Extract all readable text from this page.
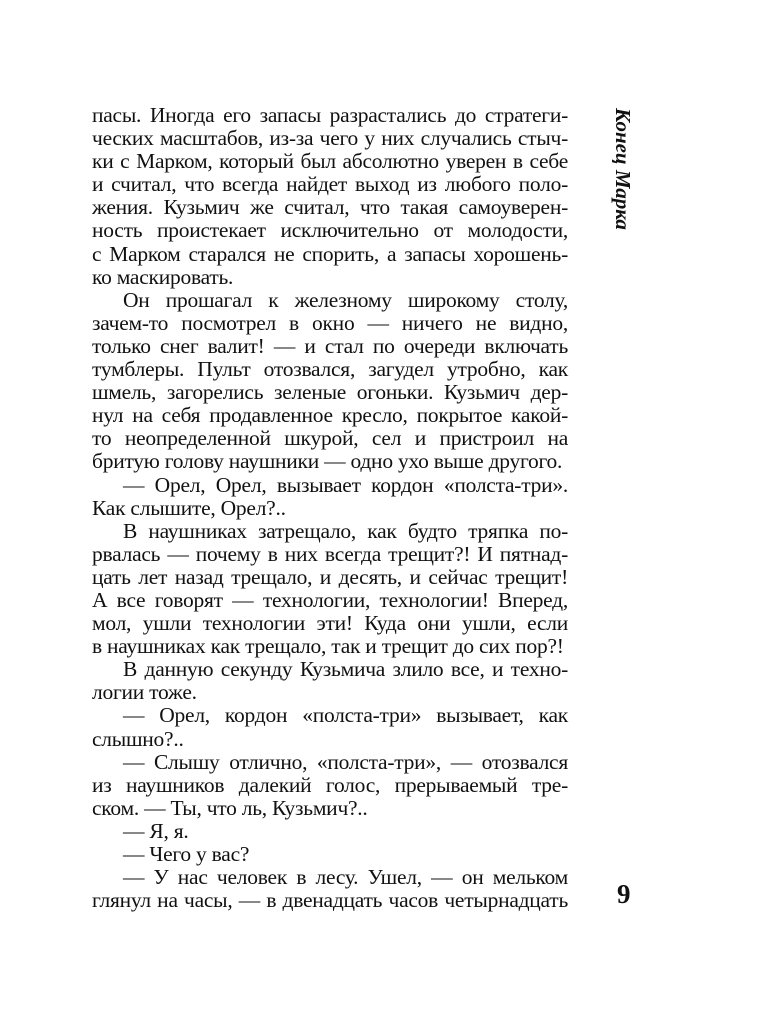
пасы. Иногда его запасы разрастались до стратеги-
ческих масштабов, из-за чего у них случались стыч-
ки с Марком, который был абсолютно уверен в себе
и считал, что всегда найдет выход из любого поло-
жения. Кузьмич же считал, что такая самоуверен-
ность проистекает исключительно от молодости,
с Марком старался не спорить, а запасы хорошень-
ко маскировать.
Он прошагал к железному широкому столу,
зачем-то посмотрел в окно — ничего не видно,
только снег валит! — и стал по очереди включать
тумблеры. Пульт отозвался, загудел утробно, как
шмель, загорелись зеленые огоньки. Кузьмич дер-
нул на себя продавленное кресло, покрытое какой-
то неопределенной шкурой, сел и пристроил на
бритую голову наушники — одно ухо выше другого.
— Орел, Орел, вызывает кордон «полста-три».
Как слышите, Орел?..
В наушниках затрещало, как будто тряпка по-
рвалась — почему в них всегда трещит?! И пятнад-
цать лет назад трещало, и десять, и сейчас трещит!
А все говорят — технологии, технологии! Вперед,
мол, ушли технологии эти! Куда они ушли, если
в наушниках как трещало, так и трещит до сих пор?!
В данную секунду Кузьмича злило все, и техно-
логии тоже.
— Орел, кордон «полста-три» вызывает, как
слышно?..
— Слышу отлично, «полста-три», — отозвался
из наушников далекий голос, прерываемый тре-
ском. — Ты, что ль, Кузьмич?..
— Я, я.
— Чего у вас?
— У нас человек в лесу. Ушел, — он мельком
глянул на часы, — в двенадцать часов четырнадцать
Конец Марка
9
